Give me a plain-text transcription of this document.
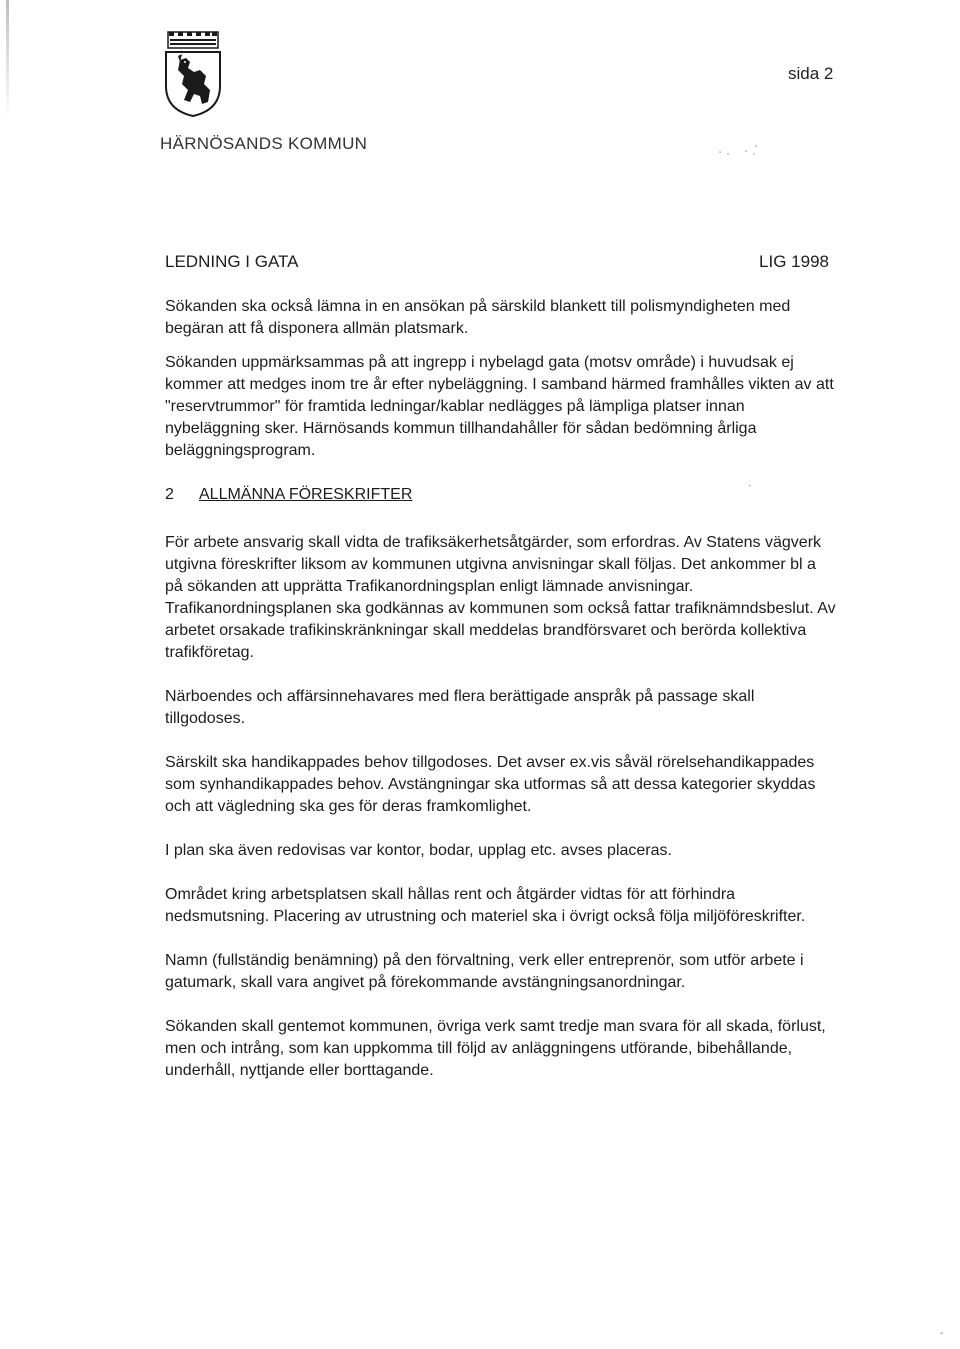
HÄRNÖSANDS KOMMUN
sida 2
LEDNING I GATA	LIG 1998

Sökanden ska också lämna in en ansökan på särskild blankett till polismyndigheten med begäran att få disponera allmän platsmark.

Sökanden uppmärksammas på att ingrepp i nybelagd gata (motsv område) i huvudsak ej kommer att medges inom tre år efter nybeläggning. I samband härmed framhålles vikten av att "reservtrummor" för framtida ledningar/kablar nedlägges på lämpliga platser innan nybeläggning sker. Härnösands kommun tillhandahåller för sådan bedömning årliga beläggningsprogram.

2 ALLMÄNNA FÖRESKRIFTER

För arbete ansvarig skall vidta de trafiksäkerhetsåtgärder, som erfordras. Av Statens vägverk utgivna föreskrifter liksom av kommunen utgivna anvisningar skall följas. Det ankommer bl a på sökanden att upprätta Trafikanordningsplan enligt lämnade anvisningar. Trafikanordningsplanen ska godkännas av kommunen som också fattar trafiknämndsbeslut. Av arbetet orsakade trafikinskränkningar skall meddelas brandförsvaret och berörda kollektiva trafikföretag.

Närboendes och affärsinnehavares med flera berättigade anspråk på passage skall tillgodoses.

Särskilt ska handikappades behov tillgodoses. Det avser ex.vis såväl rörelsehandikappades som synhandikappades behov. Avstängningar ska utformas så att dessa kategorier skyddas och att vägledning ska ges för deras framkomlighet.

I plan ska även redovisas var kontor, bodar, upplag etc. avses placeras.

Området kring arbetsplatsen skall hållas rent och åtgärder vidtas för att förhindra nedsmutsning. Placering av utrustning och materiel ska i övrigt också följa miljöföreskrifter.

Namn (fullständig benämning) på den förvaltning, verk eller entreprenör, som utför arbete i gatumark, skall vara angivet på förekommande avstängningsanordningar.

Sökanden skall gentemot kommunen, övriga verk samt tredje man svara för all skada, förlust, men och intrång, som kan uppkomma till följd av anläggningens utförande, bibehållande, underhåll, nyttjande eller borttagande.

·
-
